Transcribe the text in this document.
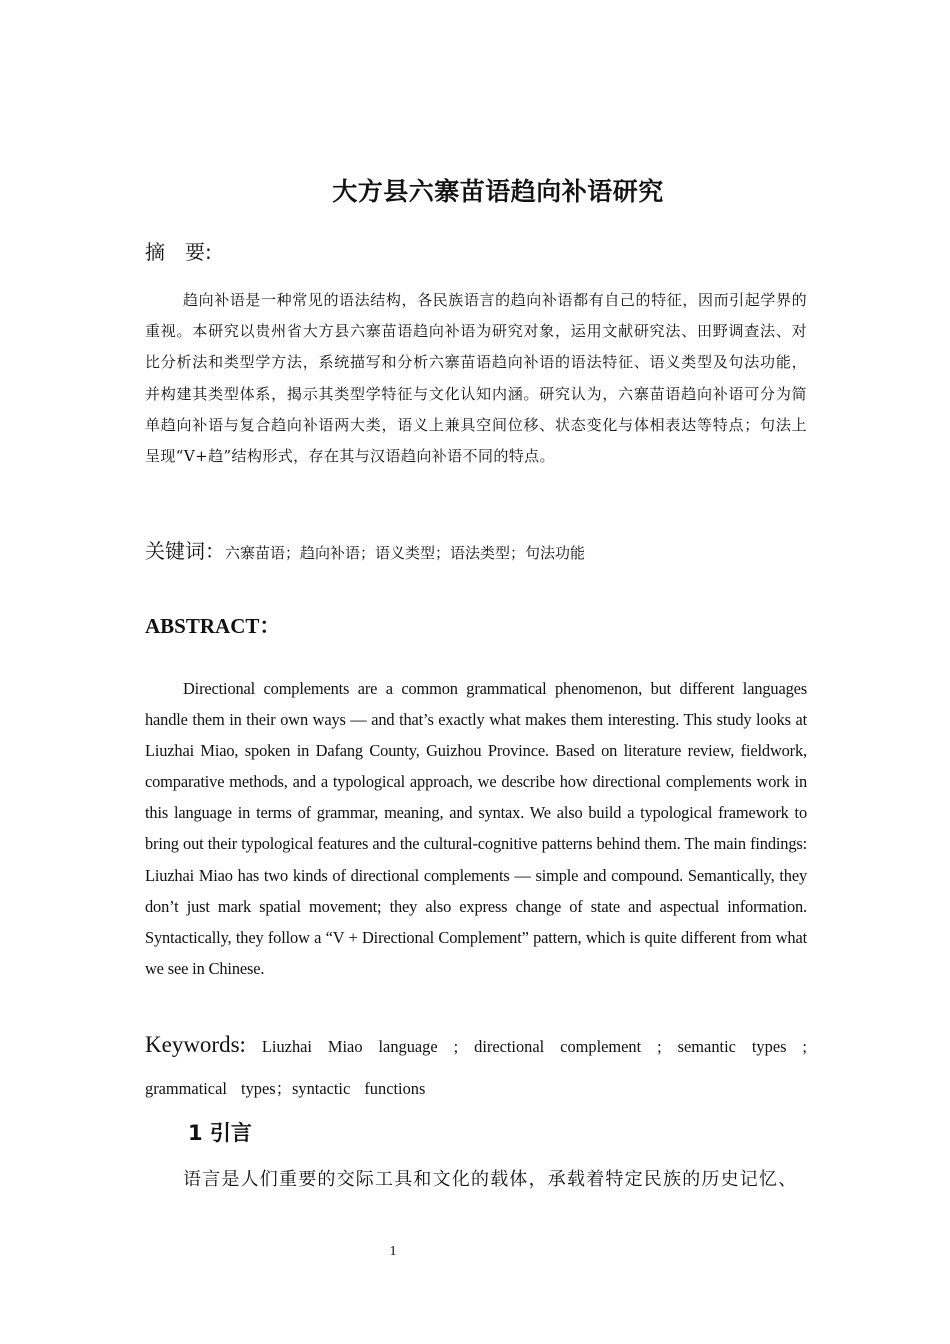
大方县六寨苗语趋向补语研究
摘　要:
趋向补语是一种常见的语法结构，各民族语言的趋向补语都有自己的特征，因而引起学界的重视。本研究以贵州省大方县六寨苗语趋向补语为研究对象，运用文献研究法、田野调查法、对比分析法和类型学方法，系统描写和分析六寨苗语趋向补语的语法特征、语义类型及句法功能，并构建其类型体系，揭示其类型学特征与文化认知内涵。研究认为，六寨苗语趋向补语可分为简单趋向补语与复合趋向补语两大类，语义上兼具空间位移、状态变化与体相表达等特点；句法上呈现“V+趋”结构形式，存在其与汉语趋向补语不同的特点。
关键词：六寨苗语；趋向补语；语义类型；语法类型；句法功能
ABSTRACT：
Directional complements are a common grammatical phenomenon, but different languages handle them in their own ways — and that’s exactly what makes them interesting. This study looks at Liuzhai Miao, spoken in Dafang County, Guizhou Province. Based on literature review, fieldwork, comparative methods, and a typological approach, we describe how directional complements work in this language in terms of grammar, meaning, and syntax. We also build a typological framework to bring out their typological features and the cultural-cognitive patterns behind them. The main findings: Liuzhai Miao has two kinds of directional complements — simple and compound. Semantically, they don’t just mark spatial movement; they also express change of state and aspectual information. Syntactically, they follow a “V + Directional Complement” pattern, which is quite different from what we see in Chinese.
Keywords: Liuzhai Miao language ; directional complement ; semantic types ; grammatical types；syntactic functions
1 引言
语言是人们重要的交际工具和文化的载体，承载着特定民族的历史记忆、
1
